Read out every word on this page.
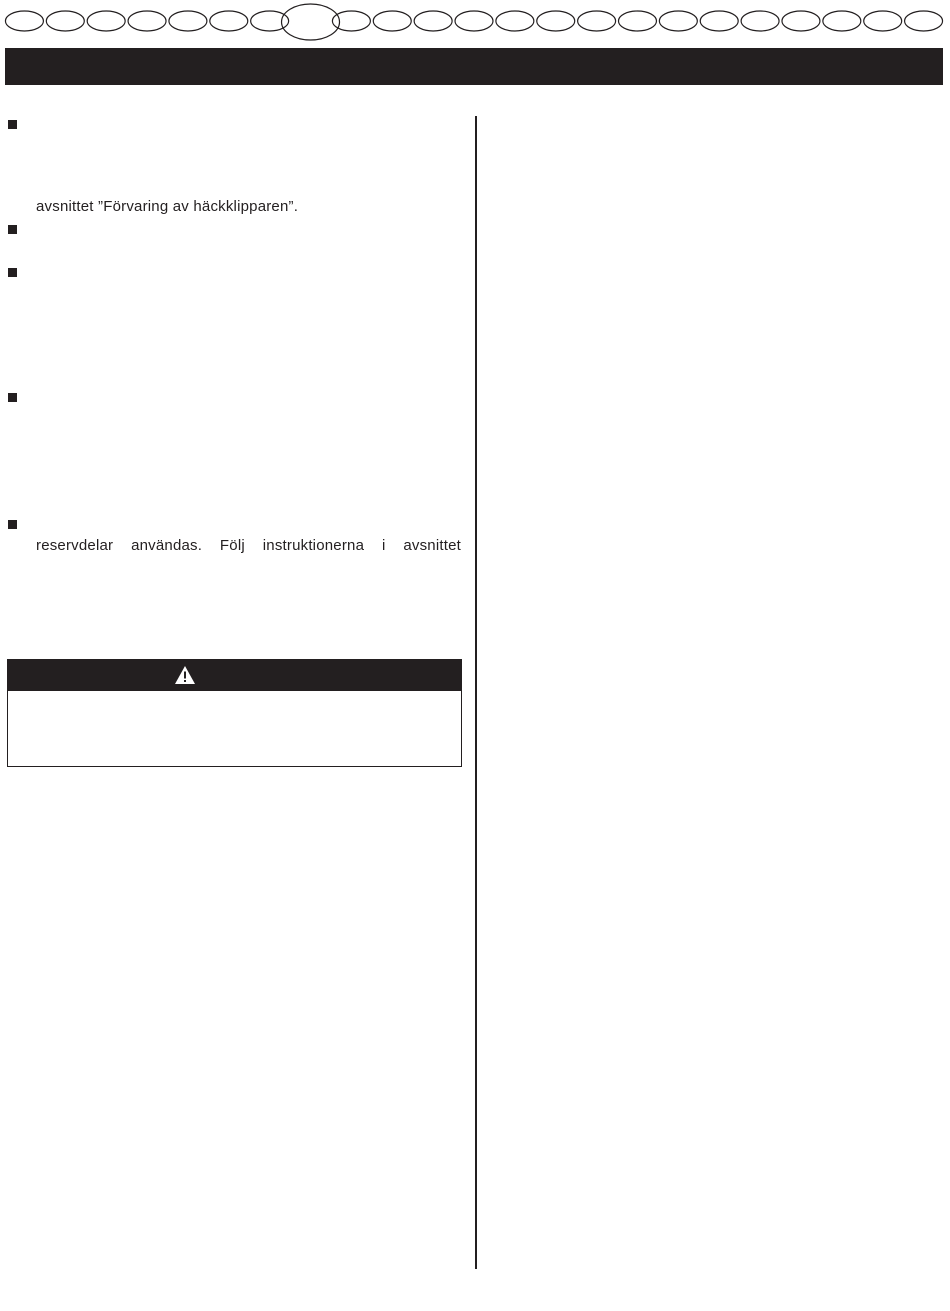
avsnittet ”Förvaring av häckklipparen”.
reservdelar användas. Följ instruktionerna i avsnittet
